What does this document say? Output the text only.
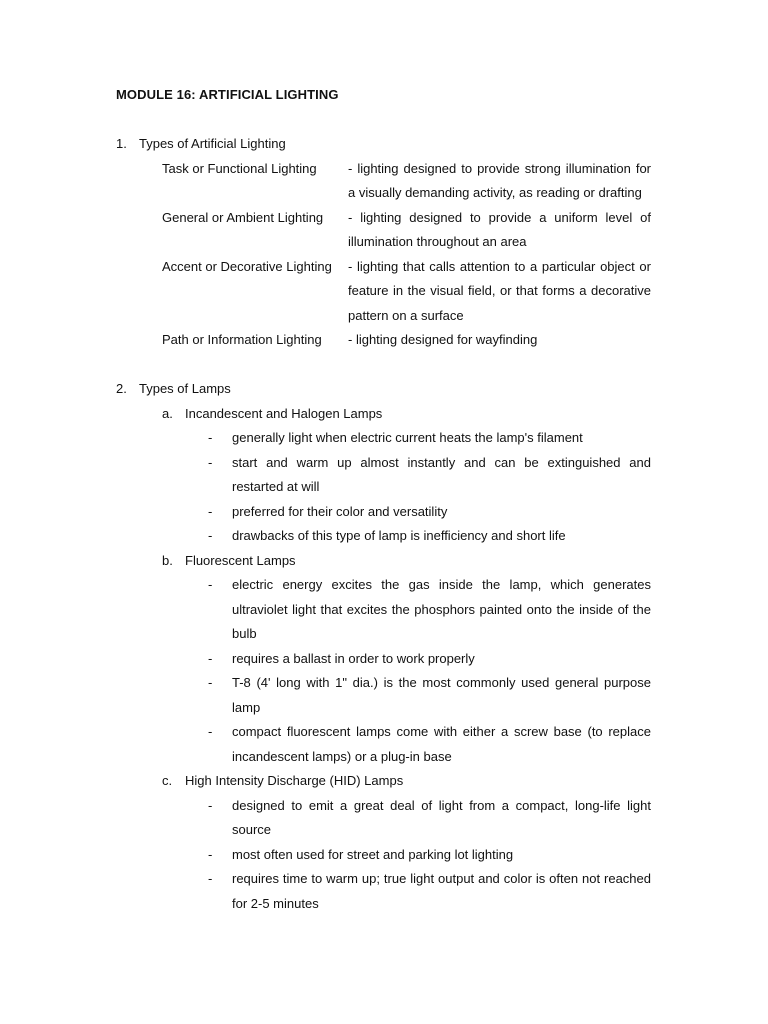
MODULE 16: ARTIFICIAL LIGHTING
1. Types of Artificial Lighting
Task or Functional Lighting	- lighting designed to provide strong illumination for a visually demanding activity, as reading or drafting
General or Ambient Lighting	- lighting designed to provide a uniform level of illumination throughout an area
Accent or Decorative Lighting	- lighting that calls attention to a particular object or feature in the visual field, or that forms a decorative pattern on a surface
Path or Information Lighting	- lighting designed for wayfinding
2. Types of Lamps
a. Incandescent and Halogen Lamps
-	generally light when electric current heats the lamp's filament
-	start and warm up almost instantly and can be extinguished and restarted at will
-	preferred for their color and versatility
-	drawbacks of this type of lamp is inefficiency and short life
b. Fluorescent Lamps
-	electric energy excites the gas inside the lamp, which generates ultraviolet light that excites the phosphors painted onto the inside of the bulb
-	requires a ballast in order to work properly
-	T-8 (4' long with 1" dia.) is the most commonly used general purpose lamp
-	compact fluorescent lamps come with either a screw base (to replace incandescent lamps) or a plug-in base
c. High Intensity Discharge (HID) Lamps
-	designed to emit a great deal of light from a compact, long-life light source
-	most often used for street and parking lot lighting
-	requires time to warm up; true light output and color is often not reached for 2-5 minutes
